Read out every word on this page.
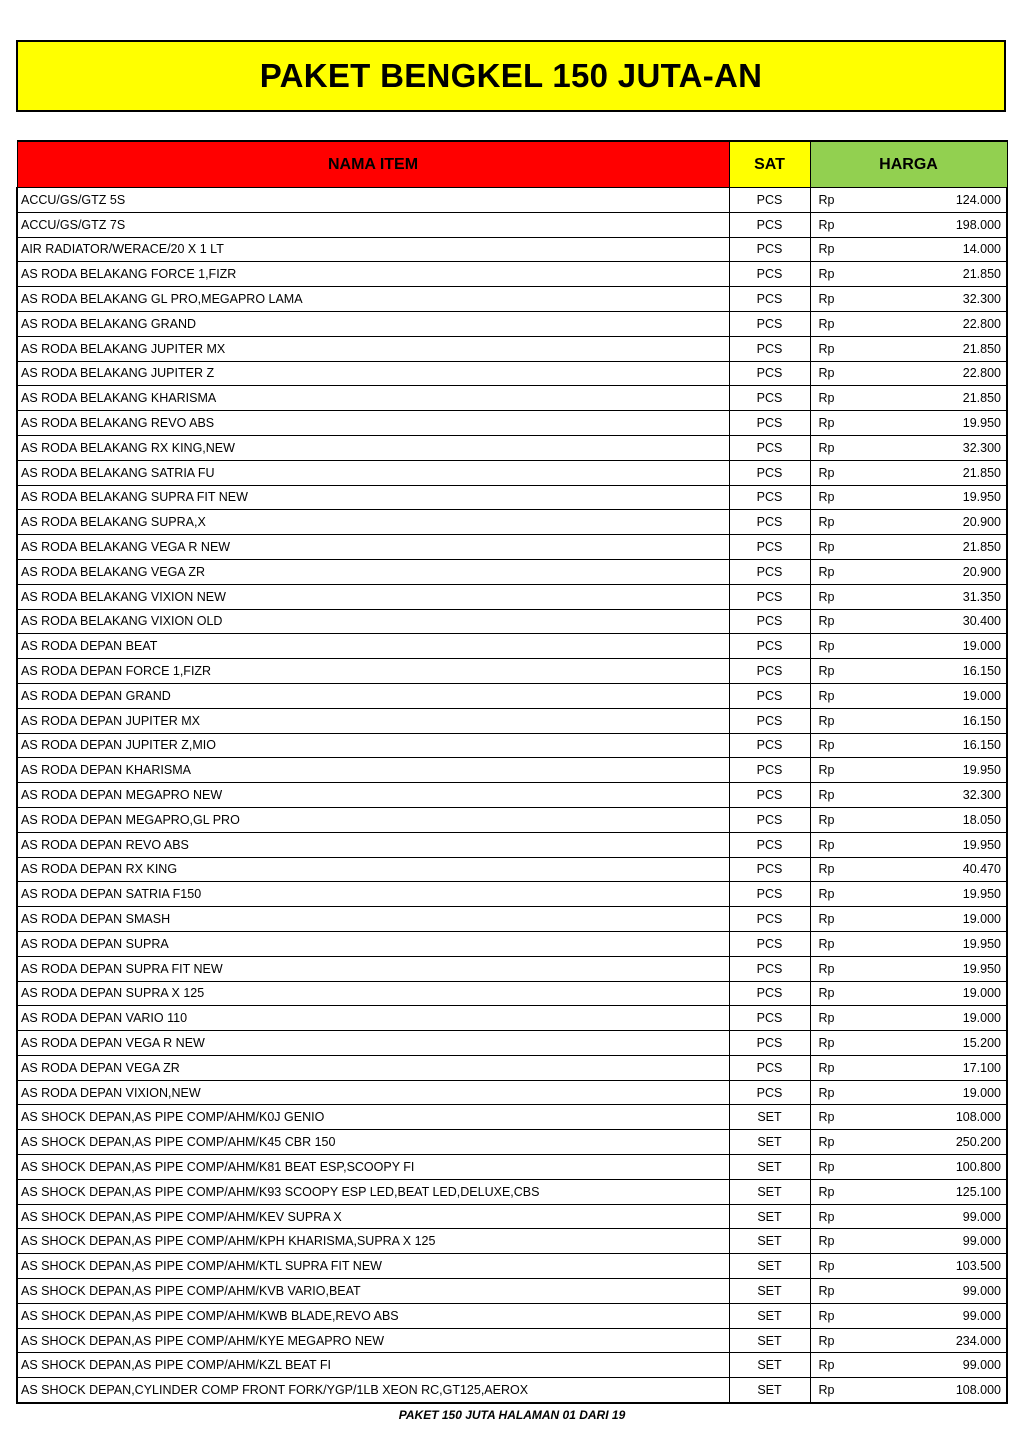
PAKET BENGKEL 150 JUTA-AN
NAMA ITEM	SAT	HARGA
ACCU/GS/GTZ 5S	PCS	Rp 124.000

ACCU/GS/GTZ 7S	PCS	Rp 198.000

AIR RADIATOR/WERACE/20 X 1 LT	PCS	Rp 14.000

AS RODA BELAKANG FORCE 1,FIZR	PCS	Rp 21.850

AS RODA BELAKANG GL PRO,MEGAPRO LAMA	PCS	Rp 32.300

AS RODA BELAKANG GRAND	PCS	Rp 22.800

AS RODA BELAKANG JUPITER MX	PCS	Rp 21.850

AS RODA BELAKANG JUPITER Z	PCS	Rp 22.800

AS RODA BELAKANG KHARISMA	PCS	Rp 21.850

AS RODA BELAKANG REVO ABS	PCS	Rp 19.950

AS RODA BELAKANG RX KING,NEW	PCS	Rp 32.300

AS RODA BELAKANG SATRIA FU	PCS	Rp 21.850

AS RODA BELAKANG SUPRA FIT NEW	PCS	Rp 19.950

AS RODA BELAKANG SUPRA,X	PCS	Rp 20.900

AS RODA BELAKANG VEGA R NEW	PCS	Rp 21.850

AS RODA BELAKANG VEGA ZR	PCS	Rp 20.900

AS RODA BELAKANG VIXION NEW	PCS	Rp 31.350

AS RODA BELAKANG VIXION OLD	PCS	Rp 30.400

AS RODA DEPAN BEAT	PCS	Rp 19.000

AS RODA DEPAN FORCE 1,FIZR	PCS	Rp 16.150

AS RODA DEPAN GRAND	PCS	Rp 19.000

AS RODA DEPAN JUPITER MX	PCS	Rp 16.150

AS RODA DEPAN JUPITER Z,MIO	PCS	Rp 16.150

AS RODA DEPAN KHARISMA	PCS	Rp 19.950

AS RODA DEPAN MEGAPRO NEW	PCS	Rp 32.300

AS RODA DEPAN MEGAPRO,GL PRO	PCS	Rp 18.050

AS RODA DEPAN REVO ABS	PCS	Rp 19.950

AS RODA DEPAN RX KING	PCS	Rp 40.470

AS RODA DEPAN SATRIA F150	PCS	Rp 19.950

AS RODA DEPAN SMASH	PCS	Rp 19.000

AS RODA DEPAN SUPRA	PCS	Rp 19.950

AS RODA DEPAN SUPRA FIT NEW	PCS	Rp 19.950

AS RODA DEPAN SUPRA X 125	PCS	Rp 19.000

AS RODA DEPAN VARIO 110	PCS	Rp 19.000

AS RODA DEPAN VEGA R NEW	PCS	Rp 15.200

AS RODA DEPAN VEGA ZR	PCS	Rp 17.100

AS RODA DEPAN VIXION,NEW	PCS	Rp 19.000

AS SHOCK DEPAN,AS PIPE COMP/AHM/K0J GENIO	SET	Rp 108.000

AS SHOCK DEPAN,AS PIPE COMP/AHM/K45 CBR 150	SET	Rp 250.200

AS SHOCK DEPAN,AS PIPE COMP/AHM/K81 BEAT ESP,SCOOPY FI	SET	Rp 100.800

AS SHOCK DEPAN,AS PIPE COMP/AHM/K93 SCOOPY ESP LED,BEAT LED,DELUXE,CBS	SET	Rp 125.100

AS SHOCK DEPAN,AS PIPE COMP/AHM/KEV SUPRA X	SET	Rp 99.000

AS SHOCK DEPAN,AS PIPE COMP/AHM/KPH KHARISMA,SUPRA X 125	SET	Rp 99.000

AS SHOCK DEPAN,AS PIPE COMP/AHM/KTL SUPRA FIT NEW	SET	Rp 103.500

AS SHOCK DEPAN,AS PIPE COMP/AHM/KVB VARIO,BEAT	SET	Rp 99.000

AS SHOCK DEPAN,AS PIPE COMP/AHM/KWB BLADE,REVO ABS	SET	Rp 99.000

AS SHOCK DEPAN,AS PIPE COMP/AHM/KYE MEGAPRO NEW	SET	Rp 234.000

AS SHOCK DEPAN,AS PIPE COMP/AHM/KZL BEAT FI	SET	Rp 99.000

AS SHOCK DEPAN,CYLINDER COMP FRONT FORK/YGP/1LB XEON RC,GT125,AEROX	SET	Rp 108.000
PAKET 150 JUTA HALAMAN 01 DARI 19
